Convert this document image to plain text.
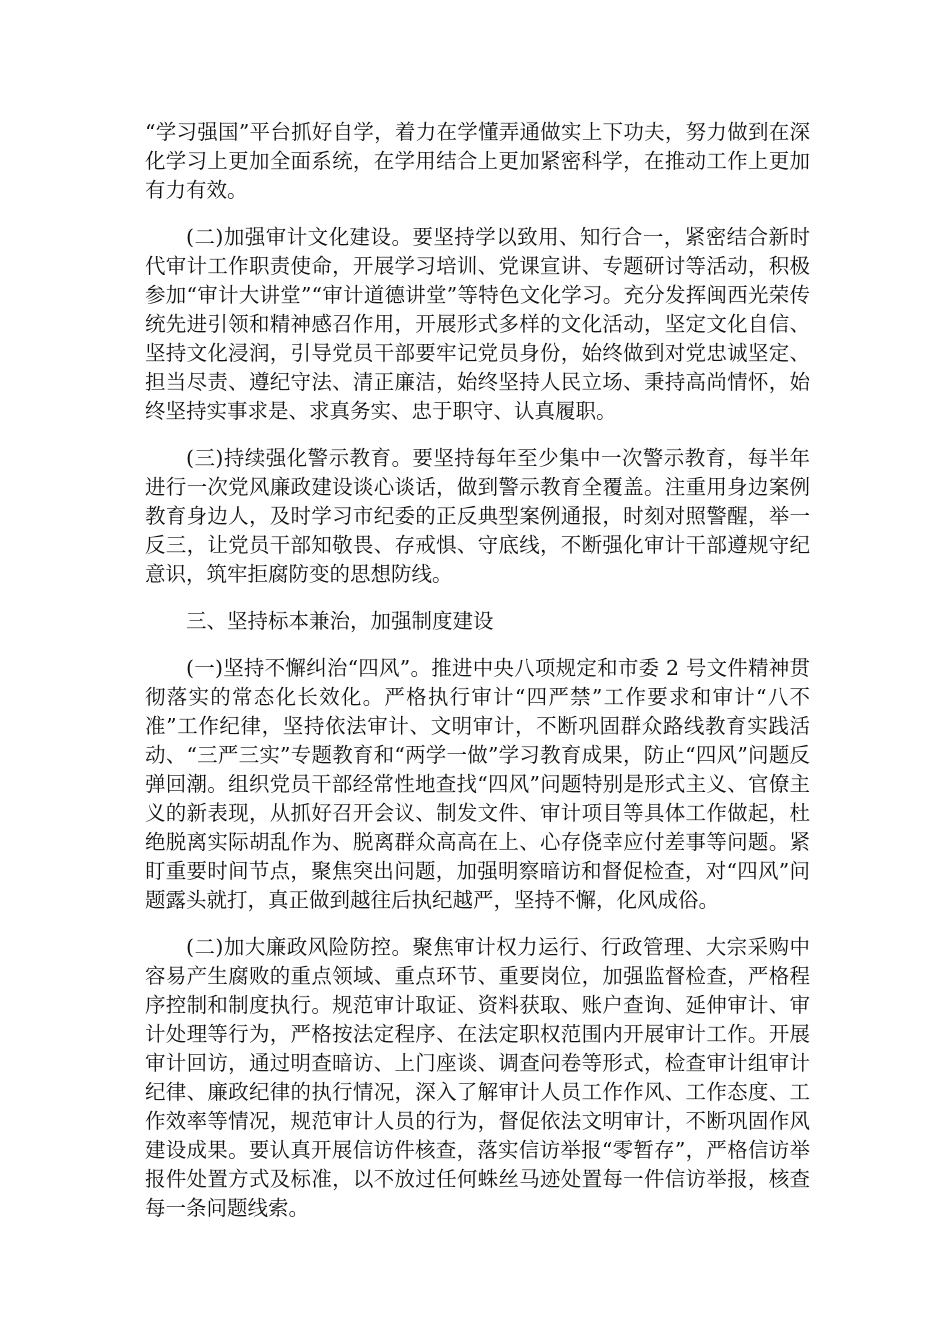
“学习强国”平台抓好自学，着力在学懂弄通做实上下功夫，努力做到在深化学习上更加全面系统，在学用结合上更加紧密科学，在推动工作上更加有力有效。

(二)加强审计文化建设。要坚持学以致用、知行合一，紧密结合新时代审计工作职责使命，开展学习培训、党课宣讲、专题研讨等活动，积极参加“审计大讲堂”“审计道德讲堂”等特色文化学习。充分发挥闽西光荣传统先进引领和精神感召作用，开展形式多样的文化活动，坚定文化自信、坚持文化浸润，引导党员干部要牢记党员身份，始终做到对党忠诚坚定、担当尽责、遵纪守法、清正廉洁，始终坚持人民立场、秉持高尚情怀，始终坚持实事求是、求真务实、忠于职守、认真履职。

(三)持续强化警示教育。要坚持每年至少集中一次警示教育，每半年进行一次党风廉政建设谈心谈话，做到警示教育全覆盖。注重用身边案例教育身边人，及时学习市纪委的正反典型案例通报，时刻对照警醒，举一反三，让党员干部知敬畏、存戒惧、守底线，不断强化审计干部遵规守纪意识，筑牢拒腐防变的思想防线。

三、坚持标本兼治，加强制度建设

(一)坚持不懈纠治“四风”。推进中央八项规定和市委 2 号文件精神贯彻落实的常态化长效化。严格执行审计“四严禁”工作要求和审计“八不准”工作纪律，坚持依法审计、文明审计，不断巩固群众路线教育实践活动、“三严三实”专题教育和“两学一做”学习教育成果，防止“四风”问题反弹回潮。组织党员干部经常性地查找“四风”问题特别是形式主义、官僚主义的新表现，从抓好召开会议、制发文件、审计项目等具体工作做起，杜绝脱离实际胡乱作为、脱离群众高高在上、心存侥幸应付差事等问题。紧盯重要时间节点，聚焦突出问题，加强明察暗访和督促检查，对“四风”问题露头就打，真正做到越往后执纪越严，坚持不懈，化风成俗。

(二)加大廉政风险防控。聚焦审计权力运行、行政管理、大宗采购中容易产生腐败的重点领域、重点环节、重要岗位，加强监督检查，严格程序控制和制度执行。规范审计取证、资料获取、账户查询、延伸审计、审计处理等行为，严格按法定程序、在法定职权范围内开展审计工作。开展审计回访，通过明查暗访、上门座谈、调查问卷等形式，检查审计组审计纪律、廉政纪律的执行情况，深入了解审计人员工作作风、工作态度、工作效率等情况，规范审计人员的行为，督促依法文明审计，不断巩固作风建设成果。要认真开展信访件核查，落实信访举报“零暂存”，严格信访举报件处置方式及标准，以不放过任何蛛丝马迹处置每一件信访举报，核查每一条问题线索。
